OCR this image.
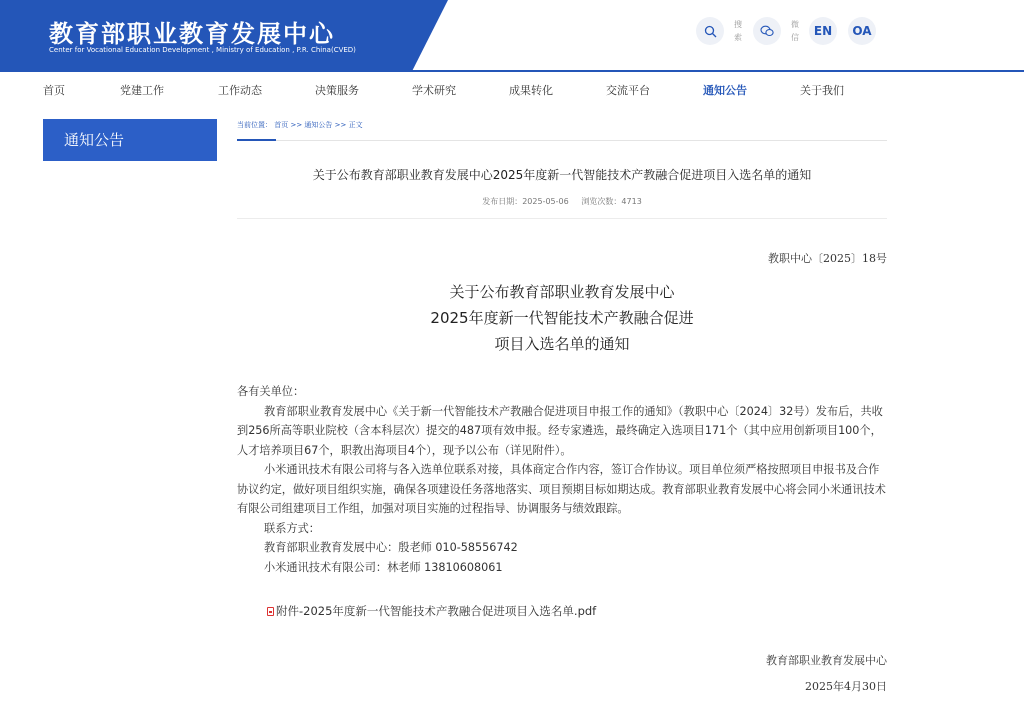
教育部职业教育发展中心
Center for Vocational Education Development , Ministry of Education , P.R. China(CVED)
搜索
微信	EN	OA
首页	党建工作	工作动态	决策服务	学术研究	成果转化	交流平台	通知公告	关于我们
通知公告
当前位置： 首页 >> 通知公告 >> 正文
关于公布教育部职业教育发展中心2025年度新一代智能技术产教融合促进项目入选名单的通知
发布日期：2025-05-06 浏览次数：4713
教职中心〔2025〕18号
关于公布教育部职业教育发展中心
2025年度新一代智能技术产教融合促进
项目入选名单的通知

各有关单位：

教育部职业教育发展中心《关于新一代智能技术产教融合促进项目申报工作的通知》（教职中心〔2024〕32号）发布后，共收到256所高等职业院校（含本科层次）提交的487项有效申报。经专家遴选，最终确定入选项目171个（其中应用创新项目100个，人才培养项目67个，职教出海项目4个），现予以公布（详见附件）。

小米通讯技术有限公司将与各入选单位联系对接，具体商定合作内容，签订合作协议。项目单位须严格按照项目申报书及合作协议约定，做好项目组织实施，确保各项建设任务落地落实、项目预期目标如期达成。教育部职业教育发展中心将会同小米通讯技术有限公司组建项目工作组，加强对项目实施的过程指导、协调服务与绩效跟踪。

联系方式：

教育部职业教育发展中心：殷老师 010-58556742

小米通讯技术有限公司：林老师 13810608061

附件-2025年度新一代智能技术产教融合促进项目入选名单.pdf
教育部职业教育发展中心
2025年4月30日
